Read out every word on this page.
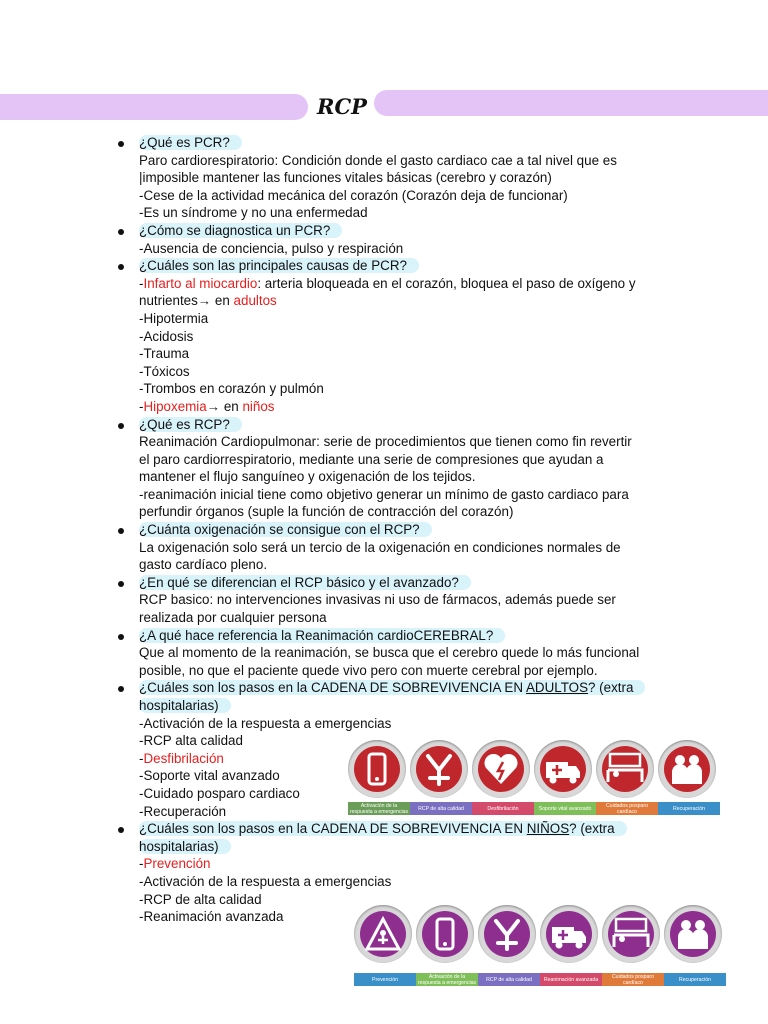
RCP
¿Qué es PCR?
Paro cardiorespiratorio: Condición donde el gasto cardiaco cae a tal nivel que es
|imposible mantener las funciones vitales básicas (cerebro y corazón)
-Cese de la actividad mecánica del corazón (Corazón deja de funcionar)
-Es un síndrome y no una enfermedad
¿Cómo se diagnostica un PCR?
-Ausencia de conciencia, pulso y respiración
¿Cuáles son las principales causas de PCR?
-Infarto al miocardio: arteria bloqueada en el corazón, bloquea el paso de oxígeno y
nutrientes→ en adultos
-Hipotermia
-Acidosis
-Trauma
-Tóxicos
-Trombos en corazón y pulmón
-Hipoxemia→ en niños
¿Qué es RCP?
Reanimación Cardiopulmonar: serie de procedimientos que tienen como fin revertir
el paro cardiorrespiratorio, mediante una serie de compresiones que ayudan a
mantener el flujo sanguíneo y oxigenación de los tejidos.
-reanimación inicial tiene como objetivo generar un mínimo de gasto cardiaco para
perfundir órganos (suple la función de contracción del corazón)
¿Cuánta oxigenación se consigue con el RCP?
La oxigenación solo será un tercio de la oxigenación en condiciones normales de
gasto cardíaco pleno.
¿En qué se diferencian el RCP básico y el avanzado?
RCP basico: no intervenciones invasivas ni uso de fármacos, además puede ser
realizada por cualquier persona
¿A qué hace referencia la Reanimación cardioCEREBRAL?
Que al momento de la reanimación, se busca que el cerebro quede lo más funcional
posible, no que el paciente quede vivo pero con muerte cerebral por ejemplo.
¿Cuáles son los pasos en la CADENA DE SOBREVIVENCIA EN ADULTOS? (extra
hospitalarias)
-Activación de la respuesta a emergencias
-RCP alta calidad
-Desfibrilación
-Soporte vital avanzado
-Cuidado posparo cardiaco
-Recuperación
¿Cuáles son los pasos en la CADENA DE SOBREVIVENCIA EN NIÑOS? (extra
hospitalarias)
-Prevención
-Activación de la respuesta a emergencias
-RCP de alta calidad
-Reanimación avanzada
Activación de la respuesta a emergencias	RCP de alta calidad	Desfibrilación	Soporte vital avanzado	Cuidados posparo cardíaco	Recuperación
Prevención	Activación de la respuesta a emergencias	RCP de alta calidad	Reanimación avanzada	Cuidados posparo cardíaco	Recuperación
